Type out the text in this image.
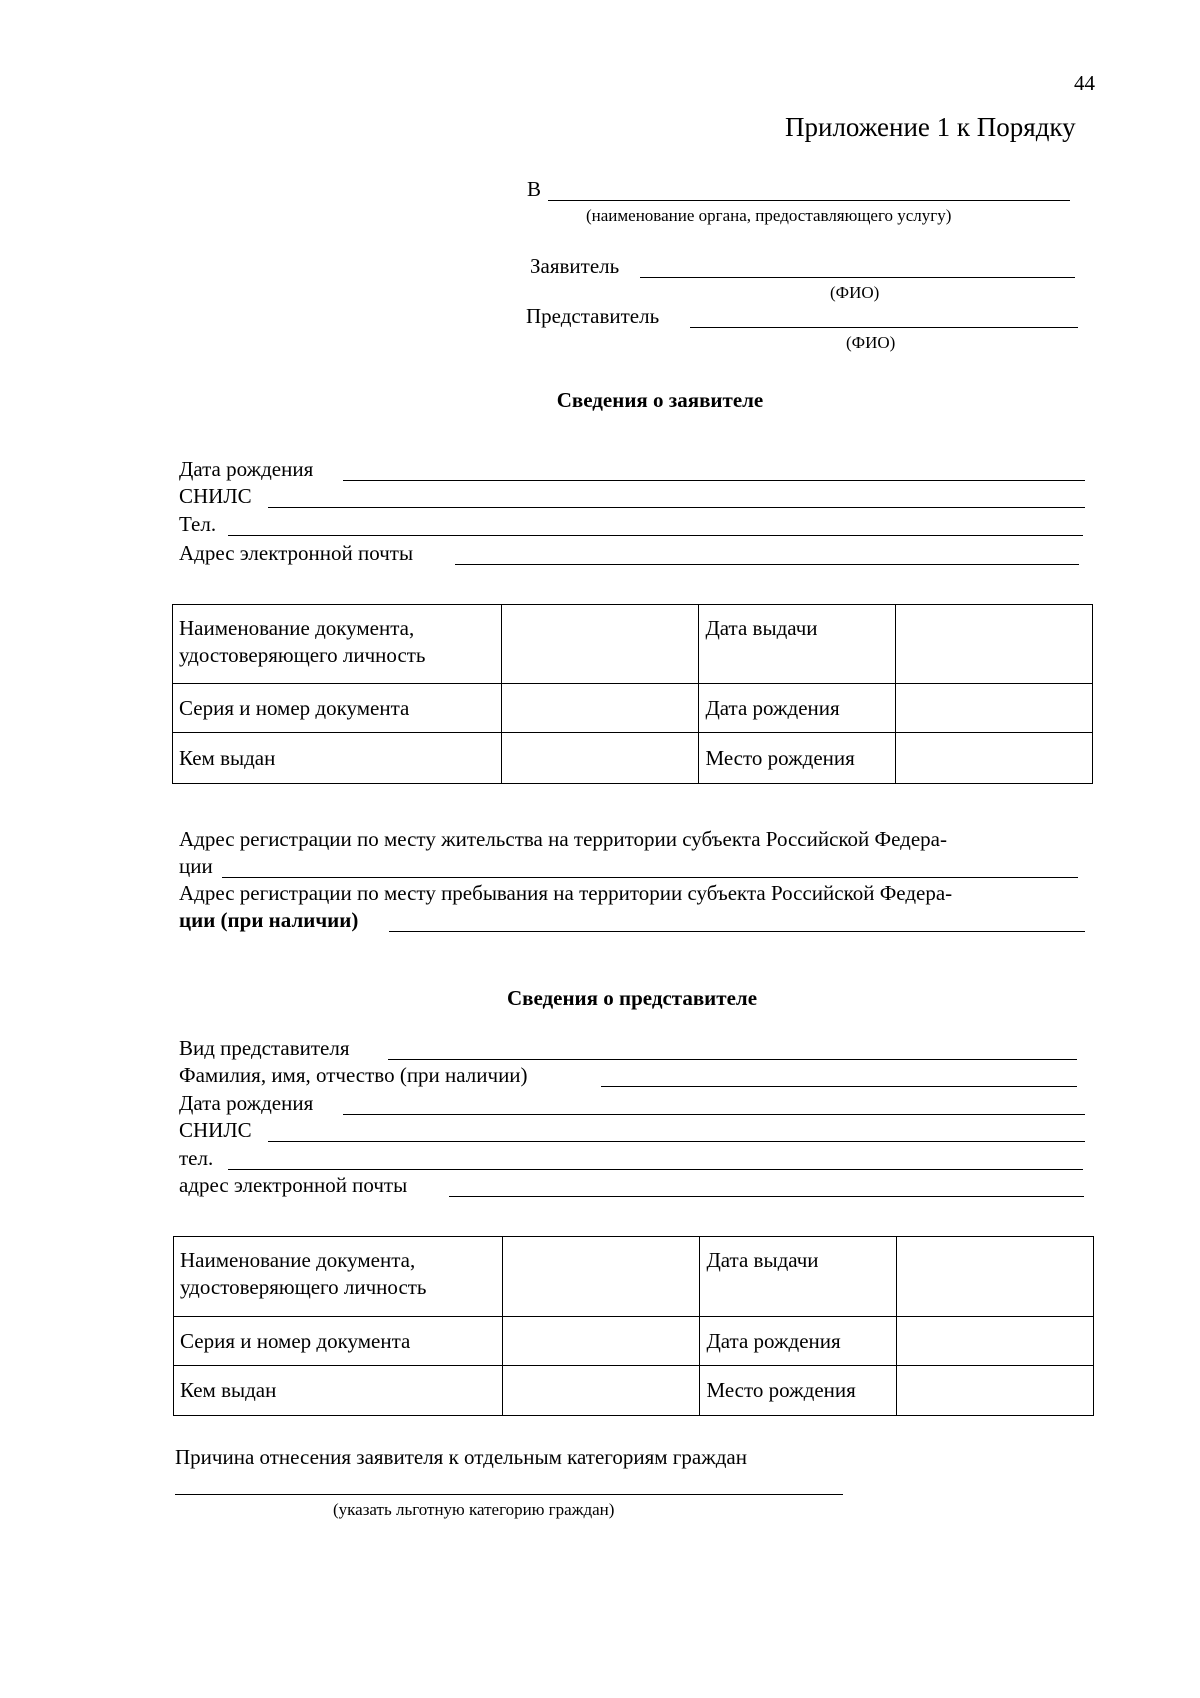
44
Приложение 1 к Порядку
В
(наименование органа, предоставляющего услугу)
Заявитель
(ФИО)
Представитель
(ФИО)
Сведения о заявителе
Дата рождения
СНИЛС
Тел.
Адрес электронной почты
Наименование документа, удостоверяющего личность		Дата выдачи	
Серия и номер документа		Дата рождения	
Кем выдан		Место рождения	
Адрес регистрации по месту жительства на территории субъекта Российской Федера-
ции
Адрес регистрации по месту пребывания на территории субъекта Российской Федера-
ции (при наличии)
Сведения о представителе
Вид представителя
Фамилия, имя, отчество (при наличии)
Дата рождения
СНИЛС
тел.
адрес электронной почты
Наименование документа, удостоверяющего личность		Дата выдачи	
Серия и номер документа		Дата рождения	
Кем выдан		Место рождения	
Причина отнесения заявителя к отдельным категориям граждан
(указать льготную категорию граждан)
